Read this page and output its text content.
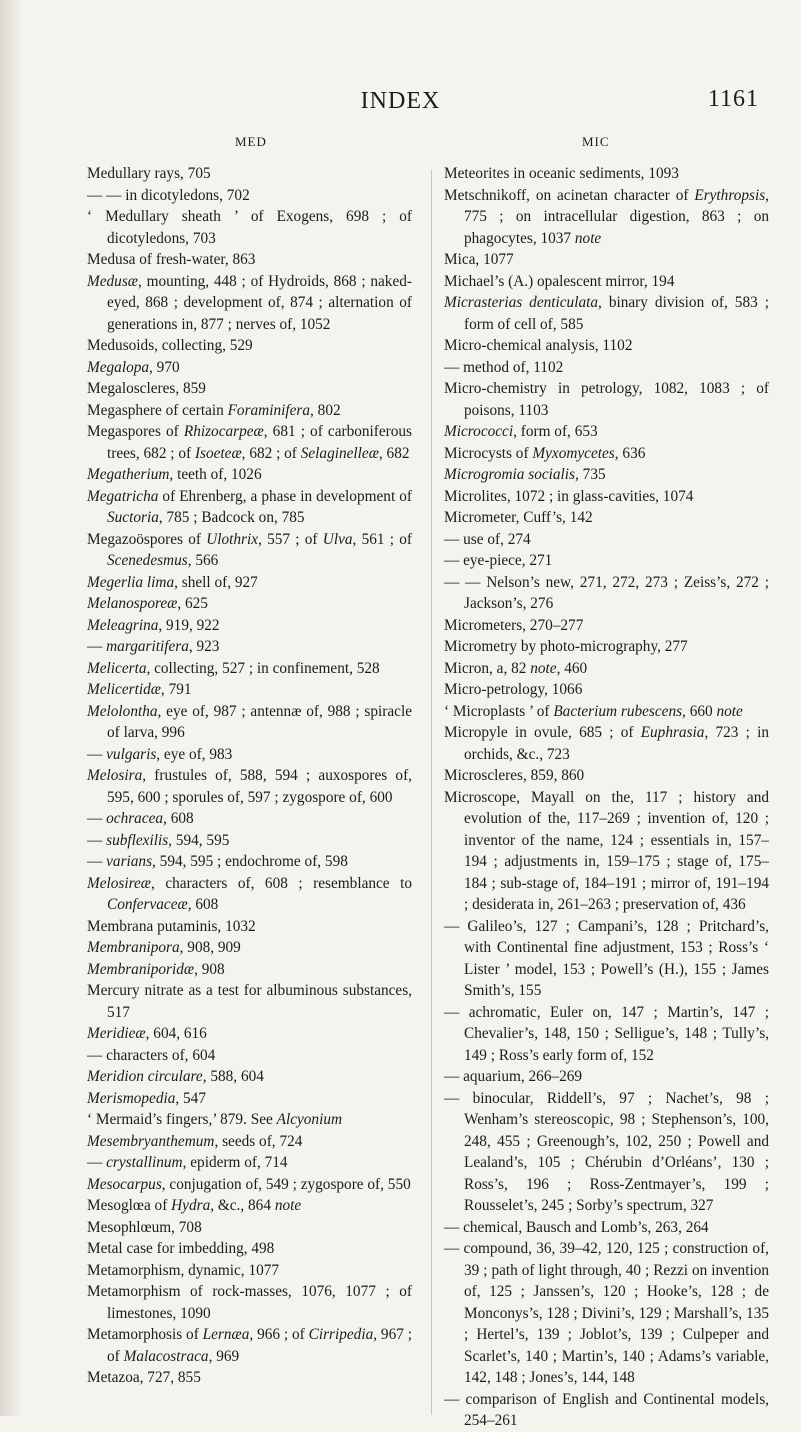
INDEX	1161
MED	MIC
Medullary rays, 705
— — in dicotyledons, 702
‘ Medullary sheath ’ of Exogens, 698 ; of dicotyledons, 703
Medusa of fresh-water, 863
Medusæ, mounting, 448 ; of Hydroids, 868 ; naked-eyed, 868 ; development of, 874 ; alternation of generations in, 877 ; nerves of, 1052
Medusoids, collecting, 529
Megalopa, 970
Megaloscleres, 859
Megasphere of certain Foraminifera, 802
Megaspores of Rhizocarpeæ, 681 ; of carboniferous trees, 682 ; of Isoeteæ, 682 ; of Selaginelleæ, 682
Megatherium, teeth of, 1026
Megatricha of Ehrenberg, a phase in development of Suctoria, 785 ; Badcock on, 785
Megazoöspores of Ulothrix, 557 ; of Ulva, 561 ; of Scenedesmus, 566
Megerlia lima, shell of, 927
Melanosporeæ, 625
Meleagrina, 919, 922
— margaritifera, 923
Melicerta, collecting, 527 ; in confinement, 528
Melicertidæ, 791
Melolontha, eye of, 987 ; antennæ of, 988 ; spiracle of larva, 996
— vulgaris, eye of, 983
Melosira, frustules of, 588, 594 ; auxospores of, 595, 600 ; sporules of, 597 ; zygospore of, 600
— ochracea, 608
— subflexilis, 594, 595
— varians, 594, 595 ; endochrome of, 598
Melosireæ, characters of, 608 ; resemblance to Confervaceæ, 608
Membrana putaminis, 1032
Membranipora, 908, 909
Membraniporidæ, 908
Mercury nitrate as a test for albuminous substances, 517
Meridieæ, 604, 616
— characters of, 604
Meridion circulare, 588, 604
Merismopedia, 547
‘ Mermaid’s fingers,’ 879. See Alcyonium
Mesembryanthemum, seeds of, 724
— crystallinum, epiderm of, 714
Mesocarpus, conjugation of, 549 ; zygospore of, 550
Mesoglœa of Hydra, &c., 864 note
Mesophlœum, 708
Metal case for imbedding, 498
Metamorphism, dynamic, 1077
Metamorphism of rock-masses, 1076, 1077 ; of limestones, 1090
Metamorphosis of Lernæa, 966 ; of Cirripedia, 967 ; of Malacostraca, 969
Metazoa, 727, 855
Meteorites in oceanic sediments, 1093
Metschnikoff, on acinetan character of Erythropsis, 775 ; on intracellular digestion, 863 ; on phagocytes, 1037 note
Mica, 1077
Michael’s (A.) opalescent mirror, 194
Micrasterias denticulata, binary division of, 583 ; form of cell of, 585
Micro-chemical analysis, 1102
— method of, 1102
Micro-chemistry in petrology, 1082, 1083 ; of poisons, 1103
Micrococci, form of, 653
Microcysts of Myxomycetes, 636
Microgromia socialis, 735
Microlites, 1072 ; in glass-cavities, 1074
Micrometer, Cuff’s, 142
— use of, 274
— eye-piece, 271
— — Nelson’s new, 271, 272, 273 ; Zeiss’s, 272 ; Jackson’s, 276
Micrometers, 270–277
Micrometry by photo-micrography, 277
Micron, a, 82 note, 460
Micro-petrology, 1066
‘ Microplasts ’ of Bacterium rubescens, 660 note
Micropyle in ovule, 685 ; of Euphrasia, 723 ; in orchids, &c., 723
Microscleres, 859, 860
Microscope, Mayall on the, 117 ; history and evolution of the, 117–269 ; invention of, 120 ; inventor of the name, 124 ; essentials in, 157–194 ; adjustments in, 159–175 ; stage of, 175–184 ; sub-stage of, 184–191 ; mirror of, 191–194 ; desiderata in, 261–263 ; preservation of, 436
— Galileo’s, 127 ; Campani’s, 128 ; Pritchard’s, with Continental fine adjustment, 153 ; Ross’s ‘ Lister ’ model, 153 ; Powell’s (H.), 155 ; James Smith’s, 155
— achromatic, Euler on, 147 ; Martin’s, 147 ; Chevalier’s, 148, 150 ; Selligue’s, 148 ; Tully’s, 149 ; Ross’s early form of, 152
— aquarium, 266–269
— binocular, Riddell’s, 97 ; Nachet’s, 98 ; Wenham’s stereoscopic, 98 ; Stephenson’s, 100, 248, 455 ; Greenough’s, 102, 250 ; Powell and Lealand’s, 105 ; Chérubin d’Orléans’, 130 ; Ross’s, 196 ; Ross-Zentmayer’s, 199 ; Rousselet’s, 245 ; Sorby’s spectrum, 327
— chemical, Bausch and Lomb’s, 263, 264
— compound, 36, 39–42, 120, 125 ; construction of, 39 ; path of light through, 40 ; Rezzi on invention of, 125 ; Janssen’s, 120 ; Hooke’s, 128 ; de Monconys’s, 128 ; Divini’s, 129 ; Marshall’s, 135 ; Hertel’s, 139 ; Joblot’s, 139 ; Culpeper and Scarlet’s, 140 ; Martin’s, 140 ; Adams’s variable, 142, 148 ; Jones’s, 144, 148
— comparison of English and Continental models, 254–261
